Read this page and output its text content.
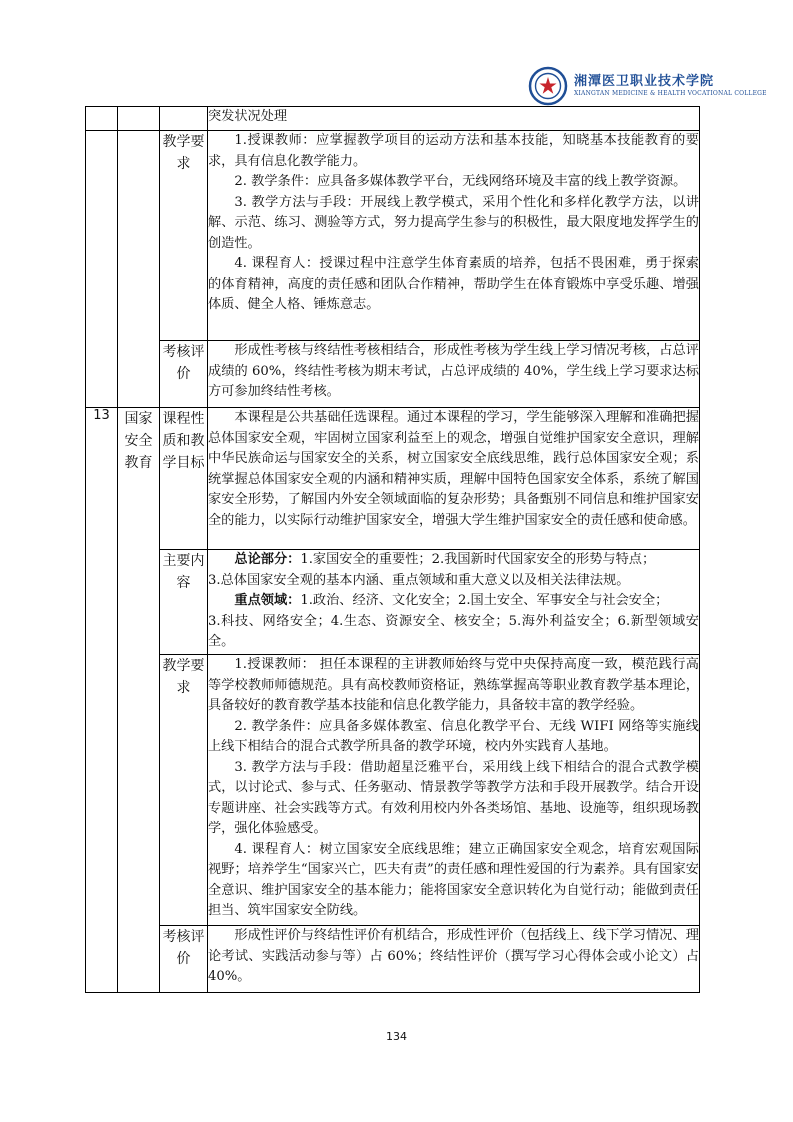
湘潭医卫职业技术学院
XIANGTAN MEDICINE & HEALTH VOCATIONAL COLLEGE

			突发状况处理

		教学要求	1.授课教师：应掌握教学项目的运动方法和基本技能，知晓基本技能教育的要求，具有信息化教学能力。

2. 教学条件：应具备多媒体教学平台，无线网络环境及丰富的线上教学资源。

3. 教学方法与手段：开展线上教学模式，采用个性化和多样化教学方法，以讲解、示范、练习、测验等方式，努力提高学生参与的积极性，最大限度地发挥学生的创造性。

4. 课程育人：授课过程中注意学生体育素质的培养，包括不畏困难，勇于探索的体育精神，高度的责任感和团队合作精神，帮助学生在体育锻炼中享受乐趣、增强体质、健全人格、锤炼意志。

		考核评价	形成性考核与终结性考核相结合，形成性考核为学生线上学习情况考核，占总评成绩的 60%，终结性考核为期末考试，占总评成绩的 40%，学生线上学习要求达标方可参加终结性考核。

13	国家安全教育	课程性质和教学目标	本课程是公共基础任选课程。通过本课程的学习，学生能够深入理解和准确把握总体国家安全观，牢固树立国家利益至上的观念，增强自觉维护国家安全意识，理解中华民族命运与国家安全的关系，树立国家安全底线思维，践行总体国家安全观；系统掌握总体国家安全观的内涵和精神实质，理解中国特色国家安全体系，系统了解国家安全形势，了解国内外安全领域面临的复杂形势；具备甄别不同信息和维护国家安全的能力，以实际行动维护国家安全，增强大学生维护国家安全的责任感和使命感。

		主要内容	总论部分：1.家国安全的重要性；2.我国新时代国家安全的形势与特点；

3.总体国家安全观的基本内涵、重点领域和重大意义以及相关法律法规。

重点领域：1.政治、经济、文化安全；2.国土安全、军事安全与社会安全；

3.科技、网络安全；4.生态、资源安全、核安全；5.海外利益安全；6.新型领域安全。

		教学要求	1.授课教师： 担任本课程的主讲教师始终与党中央保持高度一致，模范践行高等学校教师师德规范。具有高校教师资格证，熟练掌握高等职业教育教学基本理论，具备较好的教育教学基本技能和信息化教学能力，具备较丰富的教学经验。

2. 教学条件：应具备多媒体教室、信息化教学平台、无线 WIFI 网络等实施线上线下相结合的混合式教学所具备的教学环境，校内外实践育人基地。

3. 教学方法与手段：借助超星泛雅平台，采用线上线下相结合的混合式教学模式，以讨论式、参与式、任务驱动、情景教学等教学方法和手段开展教学。结合开设专题讲座、社会实践等方式。有效利用校内外各类场馆、基地、设施等，组织现场教学，强化体验感受。

4. 课程育人：树立国家安全底线思维；建立正确国家安全观念，培育宏观国际视野；培养学生“国家兴亡，匹夫有责”的责任感和理性爱国的行为素养。具有国家安全意识、维护国家安全的基本能力；能将国家安全意识转化为自觉行动；能做到责任担当、筑牢国家安全防线。

		考核评价	形成性评价与终结性评价有机结合，形成性评价（包括线上、线下学习情况、理论考试、实践活动参与等）占 60%；终结性评价（撰写学习心得体会或小论文）占 40%。

134
